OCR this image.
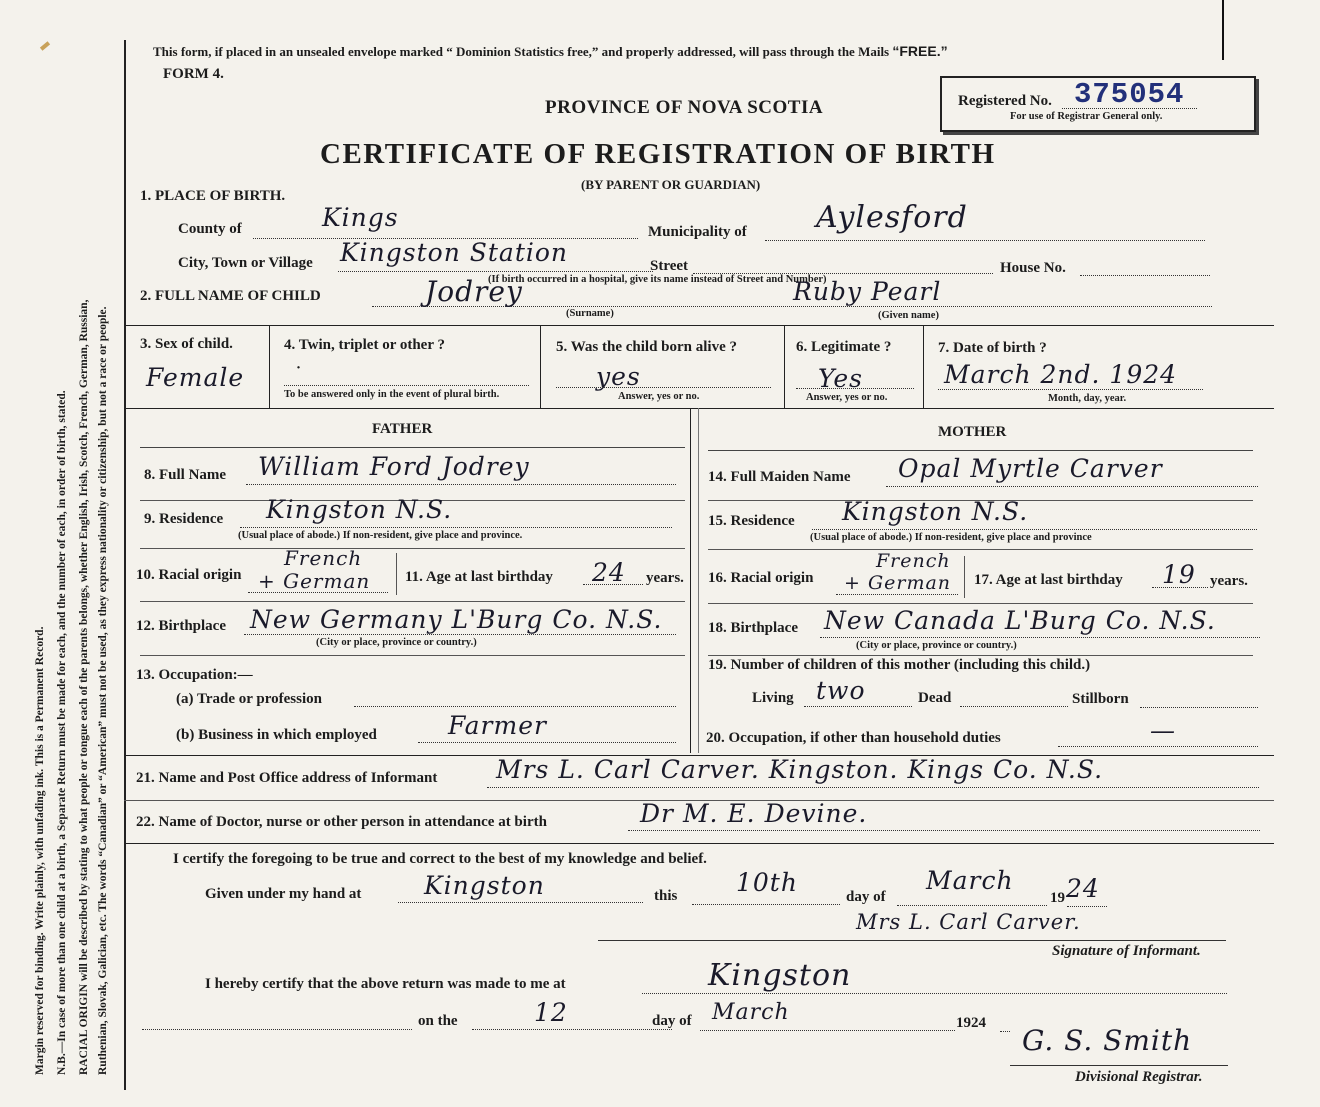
Margin reserved for binding. Write plainly, with unfading ink. This is a Permanent Record. N.B.—In case of more than one child at a birth, a Separate Return must be made for each, and the number of each, in order of birth, stated. RACIAL ORIGIN will be described by stating to what people or tongue each of the parents belongs, whether English, Irish, Scotch, French, German, Russian, Ruthenian, Slovak, Galician, etc. The words “Canadian” or “American” must not be used, as they express nationality or citizenship, but not a race or people.
This form, if placed in an unsealed envelope marked “ Dominion Statistics free,” and properly addressed, will pass through the Mails “FREE.”
FORM 4.
PROVINCE OF NOVA SCOTIA	Registered No. 375054
For use of Registrar General only.
CERTIFICATE OF REGISTRATION OF BIRTH
(BY PARENT OR GUARDIAN)
1. PLACE OF BIRTH.
County of	Kings	Municipality of Aylesford
City, Town or Village Kingston Station	Street	House No.
(If birth occurred in a hospital, give its name instead of Street and Number)
2. FULL NAME OF CHILD	Jodrey
(Surname)
Ruby Pearl
(Given name)
3. Sex of child.
Female
4. Twin, triplet or other ?
·
To be answered only in the event of plural birth.
5. Was the child born alive ?
yes
Answer, yes or no.
6. Legitimate ?
Yes
Answer, yes or no.
7. Date of birth ?
March 2nd. 1924
Month, day, year.
FATHER	MOTHER
8. Full Name William Ford Jodrey
9. Residence Kingston N.S.
(Usual place of abode.) If non-resident, give place and province.
10. Racial origin
French
+ German 11. Age at last birthday 24 years.
12. Birthplace New Germany L'Burg Co. N.S.
(City or place, province or country.)
13. Occupation:—
(a) Trade or profession
(b) Business in which employed	Farmer
14. Full Maiden Name Opal Myrtle Carver
15. Residence Kingston N.S.
(Usual place of abode.) If non-resident, give place and province
16. Racial origin
French
+ German 17. Age at last birthday 19 years.
18. Birthplace New Canada L'Burg Co. N.S.
(City or place, province or country.)
19. Number of children of this mother (including this child.)
Living two	Dead	Stillborn
20. Occupation, if other than household duties	—
21. Name and Post Office address of Informant Mrs L. Carl Carver. Kingston. Kings Co. N.S.
22. Name of Doctor, nurse or other person in attendance at birth	Dr M. E. Devine.
I certify the foregoing to be true and correct to the best of my knowledge and belief.
Given under my hand at	Kingston	this 10th	day of
March
19 24
Mrs L. Carl Carver.
Signature of Informant.
I hereby certify that the above return was made to me at	Kingston
on the	12	day of March	1924
G. S. Smith
Divisional Registrar.
